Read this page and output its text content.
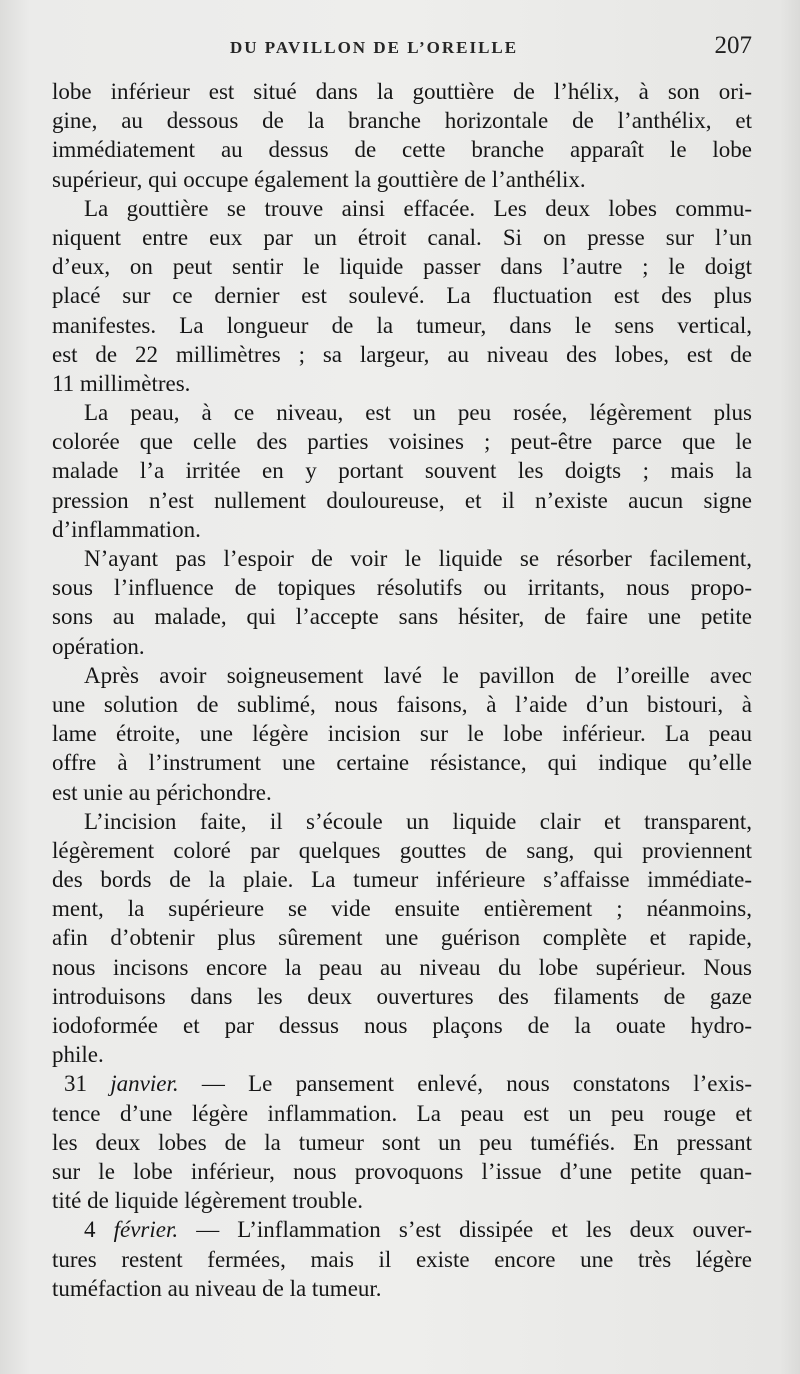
DU PAVILLON DE L’OREILLE	207
lobe inférieur est situé dans la gouttière de l’hélix, à son ori-
gine, au dessous de la branche horizontale de l’anthélix, et
immédiatement au dessus de cette branche apparaît le lobe
supérieur, qui occupe également la gouttière de l’anthélix.
La gouttière se trouve ainsi effacée. Les deux lobes commu-
niquent entre eux par un étroit canal. Si on presse sur l’un
d’eux, on peut sentir le liquide passer dans l’autre ; le doigt
placé sur ce dernier est soulevé. La fluctuation est des plus
manifestes. La longueur de la tumeur, dans le sens vertical,
est de 22 millimètres ; sa largeur, au niveau des lobes, est de
11 millimètres.
La peau, à ce niveau, est un peu rosée, légèrement plus
colorée que celle des parties voisines ; peut-être parce que le
malade l’a irritée en y portant souvent les doigts ; mais la
pression n’est nullement douloureuse, et il n’existe aucun signe
d’inflammation.
N’ayant pas l’espoir de voir le liquide se résorber facilement,
sous l’influence de topiques résolutifs ou irritants, nous propo-
sons au malade, qui l’accepte sans hésiter, de faire une petite
opération.
Après avoir soigneusement lavé le pavillon de l’oreille avec
une solution de sublimé, nous faisons, à l’aide d’un bistouri, à
lame étroite, une légère incision sur le lobe inférieur. La peau
offre à l’instrument une certaine résistance, qui indique qu’elle
est unie au périchondre.
L’incision faite, il s’écoule un liquide clair et transparent,
légèrement coloré par quelques gouttes de sang, qui proviennent
des bords de la plaie. La tumeur inférieure s’affaisse immédiate-
ment, la supérieure se vide ensuite entièrement ; néanmoins,
afin d’obtenir plus sûrement une guérison complète et rapide,
nous incisons encore la peau au niveau du lobe supérieur. Nous
introduisons dans les deux ouvertures des filaments de gaze
iodoformée et par dessus nous plaçons de la ouate hydro-
phile.
31 janvier. — Le pansement enlevé, nous constatons l’exis-
tence d’une légère inflammation. La peau est un peu rouge et
les deux lobes de la tumeur sont un peu tuméfiés. En pressant
sur le lobe inférieur, nous provoquons l’issue d’une petite quan-
tité de liquide légèrement trouble.
4 février. — L’inflammation s’est dissipée et les deux ouver-
tures restent fermées, mais il existe encore une très légère
tuméfaction au niveau de la tumeur.
